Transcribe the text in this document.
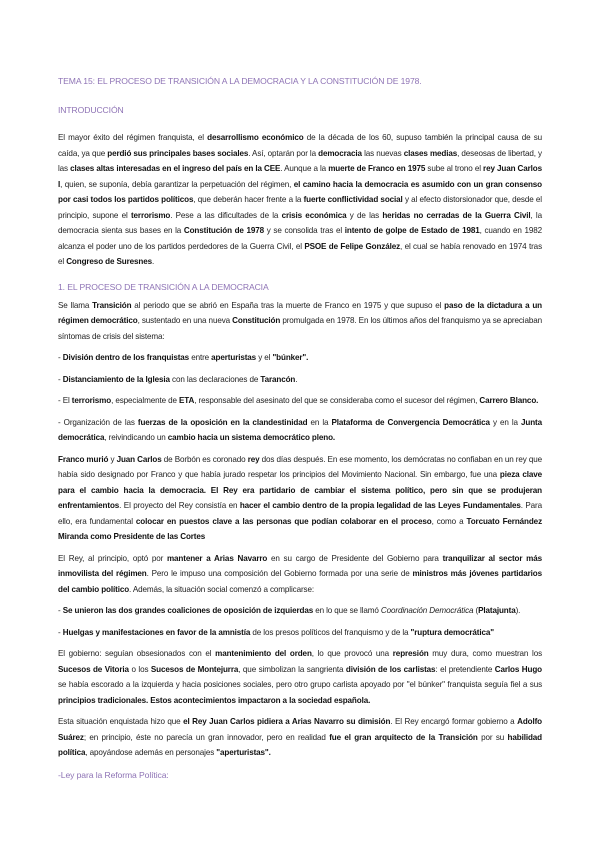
TEMA 15: EL PROCESO DE TRANSICIÓN A LA DEMOCRACIA Y LA CONSTITUCIÓN DE 1978.
INTRODUCCIÓN

El mayor éxito del régimen franquista, el desarrollismo económico de la década de los 60, supuso también la principal causa de su caída, ya que perdió sus principales bases sociales. Así, optarán por la democracia las nuevas clases medias, deseosas de libertad, y las clases altas interesadas en el ingreso del país en la CEE. Aunque a la muerte de Franco en 1975 sube al trono el rey Juan Carlos I, quien, se suponía, debía garantizar la perpetuación del régimen, el camino hacia la democracia es asumido con un gran consenso por casi todos los partidos políticos, que deberán hacer frente a la fuerte conflictividad social y al efecto distorsionador que, desde el principio, supone el terrorismo. Pese a las dificultades de la crisis económica y de las heridas no cerradas de la Guerra Civil, la democracia sienta sus bases en la Constitución de 1978 y se consolida tras el intento de golpe de Estado de 1981, cuando en 1982 alcanza el poder uno de los partidos perdedores de la Guerra Civil, el PSOE de Felipe González, el cual se había renovado en 1974 tras el Congreso de Suresnes.

1. EL PROCESO DE TRANSICIÓN A LA DEMOCRACIA

Se llama Transición al periodo que se abrió en España tras la muerte de Franco en 1975 y que supuso el paso de la dictadura a un régimen democrático, sustentado en una nueva Constitución promulgada en 1978. En los últimos años del franquismo ya se apreciaban síntomas de crisis del sistema:

- División dentro de los franquistas entre aperturistas y el "búnker".

- Distanciamiento de la Iglesia con las declaraciones de Tarancón.

- El terrorismo, especialmente de ETA, responsable del asesinato del que se consideraba como el sucesor del régimen, Carrero Blanco.

- Organización de las fuerzas de la oposición en la clandestinidad en la Plataforma de Convergencia Democrática y en la Junta democrática, reivindicando un cambio hacia un sistema democrático pleno.

Franco murió y Juan Carlos de Borbón es coronado rey dos días después. En ese momento, los demócratas no confiaban en un rey que había sido designado por Franco y que había jurado respetar los principios del Movimiento Nacional. Sin embargo, fue una pieza clave para el cambio hacia la democracia. El Rey era partidario de cambiar el sistema político, pero sin que se produjeran enfrentamientos. El proyecto del Rey consistía en hacer el cambio dentro de la propia legalidad de las Leyes Fundamentales. Para ello, era fundamental colocar en puestos clave a las personas que podían colaborar en el proceso, como a Torcuato Fernández Miranda como Presidente de las Cortes

El Rey, al principio, optó por mantener a Arias Navarro en su cargo de Presidente del Gobierno para tranquilizar al sector más inmovilista del régimen. Pero le impuso una composición del Gobierno formada por una serie de ministros más jóvenes partidarios del cambio político. Además, la situación social comenzó a complicarse:

- Se unieron las dos grandes coaliciones de oposición de izquierdas en lo que se llamó Coordinación Democrática (Platajunta).

- Huelgas y manifestaciones en favor de la amnistía de los presos políticos del franquismo y de la "ruptura democrática"

El gobierno: seguían obsesionados con el mantenimiento del orden, lo que provocó una represión muy dura, como muestran los Sucesos de Vitoria o los Sucesos de Montejurra, que simbolizan la sangrienta división de los carlistas: el pretendiente Carlos Hugo se había escorado a la izquierda y hacia posiciones sociales, pero otro grupo carlista apoyado por "el búnker" franquista seguía fiel a sus principios tradicionales. Estos acontecimientos impactaron a la sociedad española.

Esta situación enquistada hizo que el Rey Juan Carlos pidiera a Arias Navarro su dimisión. El Rey encargó formar gobierno a Adolfo Suárez; en principio, éste no parecía un gran innovador, pero en realidad fue el gran arquitecto de la Transición por su habilidad política, apoyándose además en personajes "aperturistas".

-Ley para la Reforma Política:
